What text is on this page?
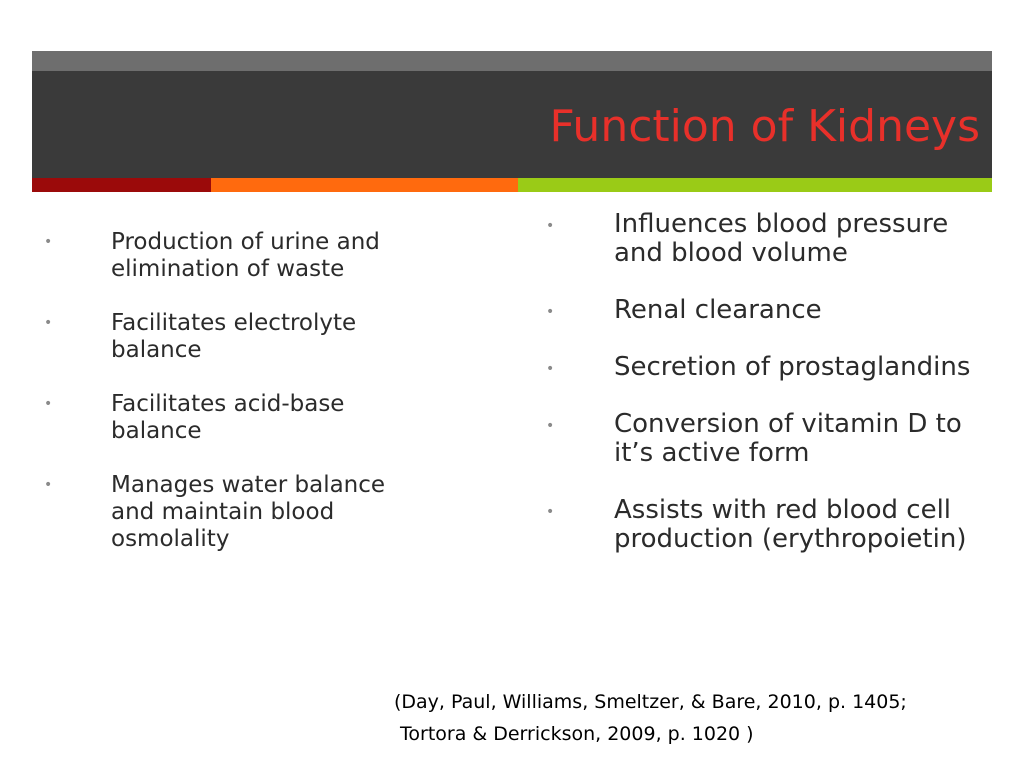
Function of Kidneys
•	Production of urine and elimination of waste
•	Facilitates electrolyte balance
•	Facilitates acid-base balance
•	Manages water balance and maintain blood osmolality
• Influences blood pressure and blood volume
• Renal clearance
• Secretion of prostaglandins
• Conversion of vitamin D to it’s active form
• Assists with red blood cell production (erythropoietin)
(Day, Paul, Williams, Smeltzer, & Bare, 2010, p. 1405;
Tortora & Derrickson, 2009, p. 1020 )
